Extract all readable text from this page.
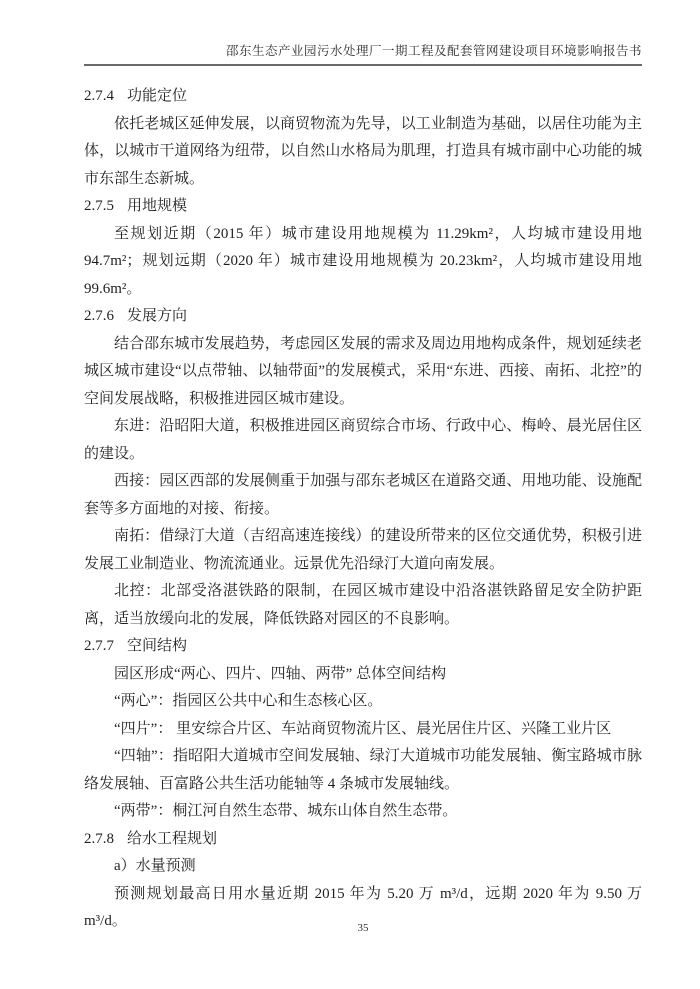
邵东生态产业园污水处理厂一期工程及配套管网建设项目环境影响报告书
2.7.4 功能定位

依托老城区延伸发展，以商贸物流为先导，以工业制造为基础，以居住功能为主体，以城市干道网络为纽带，以自然山水格局为肌理，打造具有城市副中心功能的城市东部生态新城。

2.7.5 用地规模

至规划近期（2015 年）城市建设用地规模为 11.29km²，人均城市建设用地 94.7m²；规划远期（2020 年）城市建设用地规模为 20.23km²，人均城市建设用地 99.6m²。

2.7.6 发展方向

结合邵东城市发展趋势，考虑园区发展的需求及周边用地构成条件，规划延续老城区城市建设“以点带轴、以轴带面”的发展模式，采用“东进、西接、南拓、北控”的空间发展战略，积极推进园区城市建设。

东进：沿昭阳大道，积极推进园区商贸综合市场、行政中心、梅岭、晨光居住区的建设。

西接：园区西部的发展侧重于加强与邵东老城区在道路交通、用地功能、设施配套等多方面地的对接、衔接。

南拓：借绿汀大道（吉绍高速连接线）的建设所带来的区位交通优势，积极引进发展工业制造业、物流流通业。远景优先沿绿汀大道向南发展。

北控：北部受洛湛铁路的限制，在园区城市建设中沿洛湛铁路留足安全防护距离，适当放缓向北的发展，降低铁路对园区的不良影响。

2.7.7 空间结构

园区形成“两心、四片、四轴、两带” 总体空间结构

“两心”：指园区公共中心和生态核心区。

“四片”： 里安综合片区、车站商贸物流片区、晨光居住片区、兴隆工业片区

“四轴”：指昭阳大道城市空间发展轴、绿汀大道城市功能发展轴、衡宝路城市脉络发展轴、百富路公共生活功能轴等 4 条城市发展轴线。

“两带”：桐江河自然生态带、城东山体自然生态带。

2.7.8 给水工程规划

a）水量预测

预测规划最高日用水量近期 2015 年为 5.20 万 m³/d，远期 2020 年为 9.50 万 m³/d。	35
